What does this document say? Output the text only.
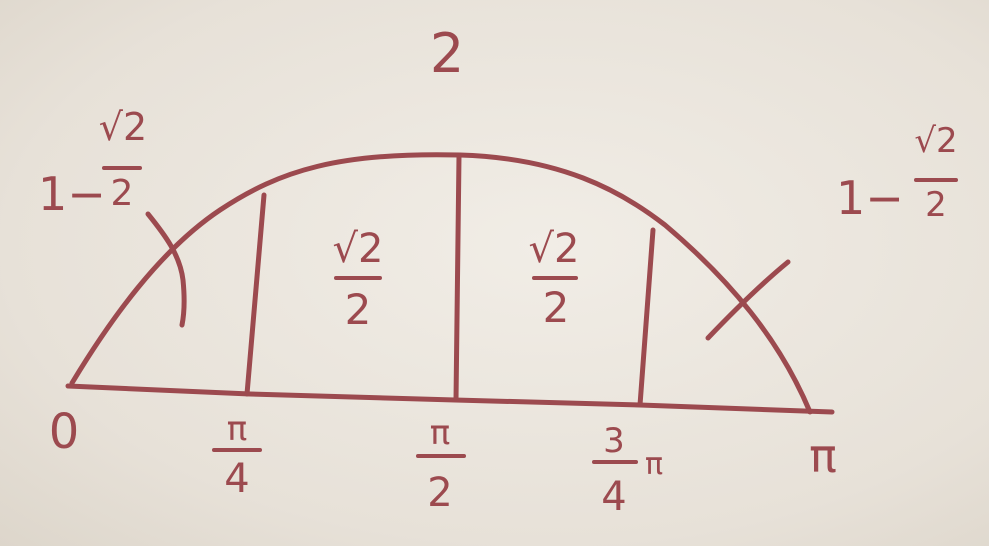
2
0	π
π
4
π
2
3
4
π
1−
√2
2
√2
2
√2
2
1−
√2
2
